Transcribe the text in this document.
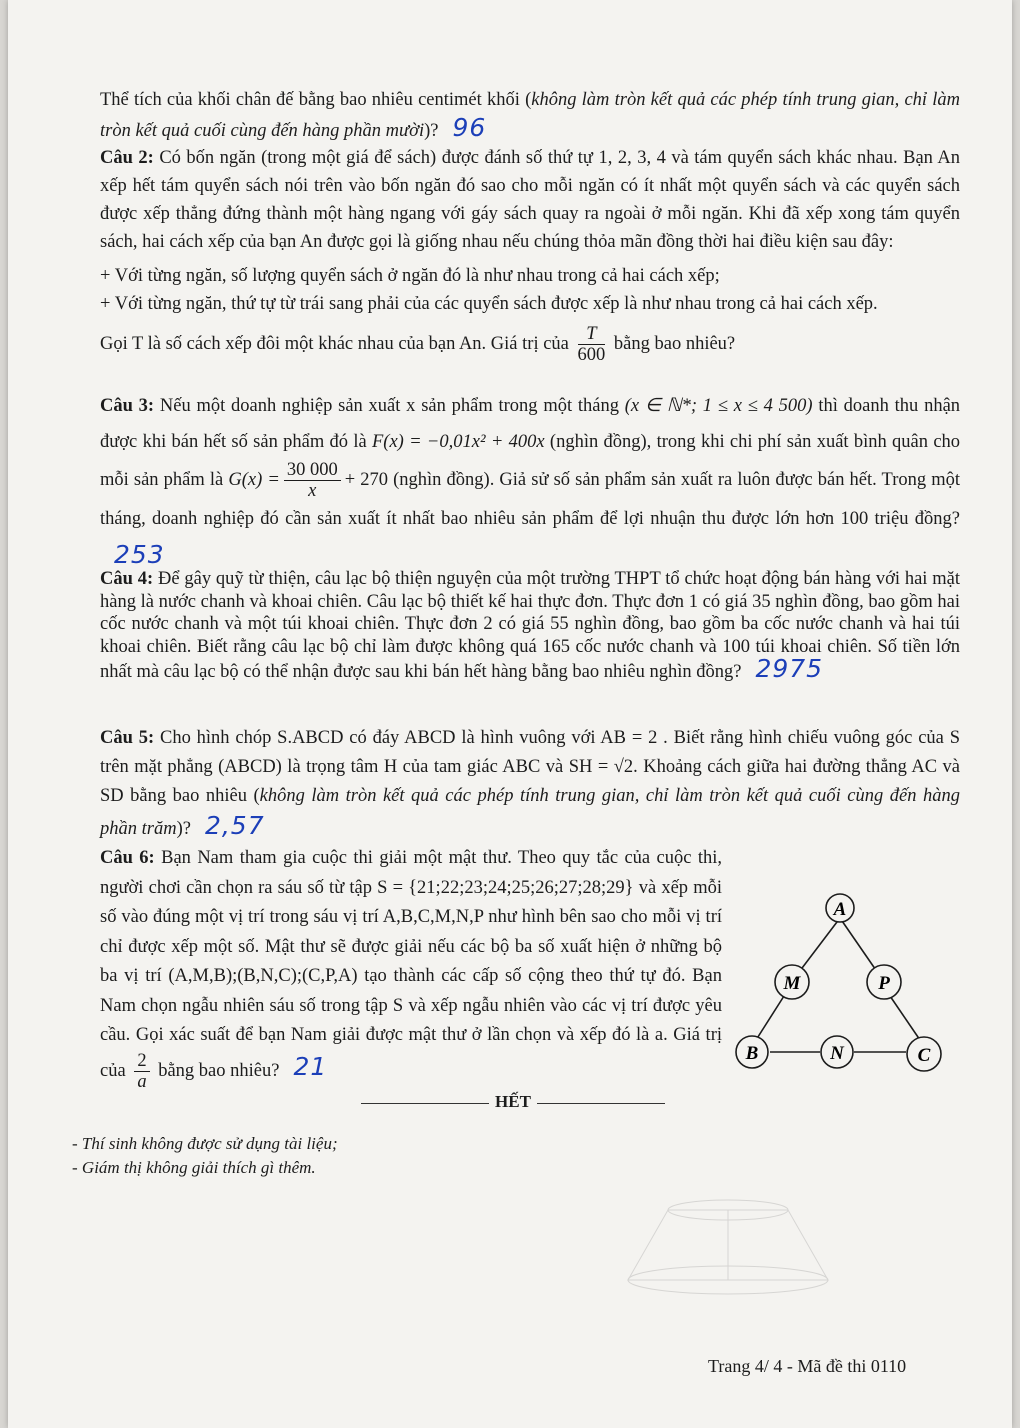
Thể tích của khối chân đế bằng bao nhiêu centimét khối (không làm tròn kết quả các phép tính trung gian, chỉ làm tròn kết quả cuối cùng đến hàng phần mười)? 96

Câu 2: Có bốn ngăn (trong một giá để sách) được đánh số thứ tự 1, 2, 3, 4 và tám quyển sách khác nhau. Bạn An xếp hết tám quyển sách nói trên vào bốn ngăn đó sao cho mỗi ngăn có ít nhất một quyển sách và các quyển sách được xếp thẳng đứng thành một hàng ngang với gáy sách quay ra ngoài ở mỗi ngăn. Khi đã xếp xong tám quyển sách, hai cách xếp của bạn An được gọi là giống nhau nếu chúng thỏa mãn đồng thời hai điều kiện sau đây:

+ Với từng ngăn, số lượng quyển sách ở ngăn đó là như nhau trong cả hai cách xếp;

+ Với từng ngăn, thứ tự từ trái sang phải của các quyển sách được xếp là như nhau trong cả hai cách xếp.

Gọi T là số cách xếp đôi một khác nhau của bạn An. Giá trị của $\frac{T}{600}$ bằng bao nhiêu?

Câu 3: Nếu một doanh nghiệp sản xuất x sản phẩm trong một tháng (x ∈ ℕ*; 1 ≤ x ≤ 4 500) thì doanh thu nhận được khi bán hết số sản phẩm đó là F(x) = −0,01x² + 400x (nghìn đồng), trong khi chi phí sản xuất bình quân cho mỗi sản phẩm là $G(x) = \frac{30 000}{x} + 270$ (nghìn đồng). Giả sử số sản phẩm sản xuất ra luôn được bán hết. Trong một tháng, doanh nghiệp đó cần sản xuất ít nhất bao nhiêu sản phẩm để lợi nhuận thu được lớn hơn 100 triệu đồng?253

Câu 4: Để gây quỹ từ thiện, câu lạc bộ thiện nguyện của một trường THPT tổ chức hoạt động bán hàng với hai mặt hàng là nước chanh và khoai chiên. Câu lạc bộ thiết kế hai thực đơn. Thực đơn 1 có giá 35 nghìn đồng, bao gồm hai cốc nước chanh và một túi khoai chiên. Thực đơn 2 có giá 55 nghìn đồng, bao gồm ba cốc nước chanh và hai túi khoai chiên. Biết rằng câu lạc bộ chỉ làm được không quá 165 cốc nước chanh và 100 túi khoai chiên. Số tiền lớn nhất mà câu lạc bộ có thể nhận được sau khi bán hết hàng bằng bao nhiêu nghìn đồng? 2975

Câu 5: Cho hình chóp S.ABCD có đáy ABCD là hình vuông với AB = 2 . Biết rằng hình chiếu vuông góc của S trên mặt phẳng (ABCD) là trọng tâm H của tam giác ABC và SH = √2. Khoảng cách giữa hai đường thẳng AC và SD bằng bao nhiêu (không làm tròn kết quả các phép tính trung gian, chỉ làm tròn kết quả cuối cùng đến hàng phần trăm)? 2,57

Câu 6: Bạn Nam tham gia cuộc thi giải một mật thư. Theo quy tắc của cuộc thi, người chơi cần chọn ra sáu số từ tập S = {21;22;23;24;25;26;27;28;29} và xếp mỗi số vào đúng một vị trí trong sáu vị trí A,B,C,M,N,P như hình bên sao cho mỗi vị trí chỉ được xếp một số. Mật thư sẽ được giải nếu các bộ ba số xuất hiện ở những bộ ba vị trí (A,M,B);(B,N,C);(C,P,A) tạo thành các cấp số cộng theo thứ tự đó. Bạn Nam chọn ngẫu nhiên sáu số trong tập S và xếp ngẫu nhiên vào các vị trí được yêu cầu. Gọi xác suất để bạn Nam giải được mật thư ở lần chọn và xếp đó là a. Giá trị của $\frac{2}{a}$ bằng bao nhiêu? 21

A
M	P
B	N	C
HẾT
- Thí sinh không được sử dụng tài liệu;
- Giám thị không giải thích gì thêm.
Trang 4/ 4 - Mã đề thi 0110
